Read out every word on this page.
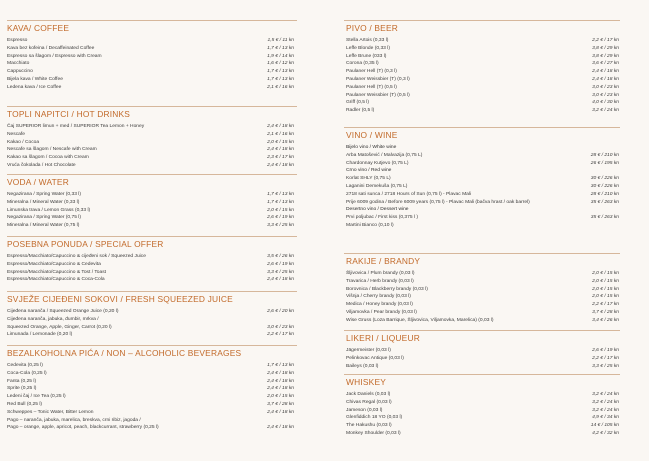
KAVA/ COFFEE
Espresso	1,5 € / 11 kn
Kava bez kofeina / Decaffeinated Coffee	1,7 € / 13 kn
Espresso sa šlagom / Espresso with Cream	1,9 € / 14 kn
Macchiato	1,6 € / 12 kn
Cappuccino	1,7 € / 13 kn
Bijela kava / White Coffee	1,7 € / 13 kn
Ledena kava / Ice Coffee	2,1 € / 16 kn
TOPLI NAPITCI / HOT DRINKS
Čaj SUPERIOR limun + med / SUPERIOR Tea Lemon + Honey	2,4 € / 18 kn
Nescafe	2,1 € / 16 kn
Kakao / Cocoa	2,0 € / 15 kn
Nescafe sa šlagom / Nescafe with Cream	2,4 € / 18 kn
Kakao sa šlagom / Cocoa with Cream	2,3 € / 17 kn
Vruća čokolada / Hot Chocolate	2,4 € / 18 kn
VODA / WATER
Negazirana / Spring Water (0,33 l)	1,7 € / 13 kn
Mineralna / Mineral Water (0,33 l)	1,7 € / 13 kn
Limunska trava / Lemon Grass (0,33 l)	2,0 € / 15 kn
Negazirana / Spring Water (0,75 l)	2,6 € / 19 kn
Mineralna / Mineral Water (0,75 l)	3,3 € / 25 kn
POSEBNA PONUDA / SPECIAL OFFER
Espresso/Macchiato/Capuccino & cijeđeni sok / Squeezed Juice	3,5 € / 26 kn
Espresso/Macchiato/Capuccino & Cedevita	2,6 € / 19 kn
Espresso/Macchiato/Capuccino & Tost / Toast	3,3 € / 25 kn
Espresso/Macchiato/Capuccino & Coca-Cola	2,4 € / 18 kn
SVJEŽE CIJEĐENI SOKOVI / FRESH SQUEEZED JUICE
Cijeđena naranča / Squeezed Orange Juice (0,20 l)	2,6 € / 20 kn
Cijeđena naranča, jabuka, đumbir, mrkva /
Squeezed Orange, Apple, Ginger, Carrot (0,20 l)	3,0 € / 23 kn
Limunada / Lemonade (0,20 l)	2,2 € / 17 kn
BEZALKOHOLNA PIĆA / NON – ALCOHOLIC BEVERAGES
Cedevita (0,25 l)	1,7 € / 13 kn
Coca-Cola (0,25 l)	2,4 € / 18 kn
Fanta (0,25 l)	2,4 € / 18 kn
Sprite (0,25 l)	2,4 € / 18 kn
Ledeni čaj / Ice Tea (0,25 l)	2,0 € / 15 kn
Red Bull (0,25 l)	3,7 € / 28 kn
Schweppes – Tonic Water, Bitter Lemon	2,4 € / 18 kn
Pago – naranča, jabuka, marelica, breskva, crni ribiz, jagoda /
Pago – orange, apple, apricot, peach, blackcurrant, strawberry (0,25 l)	2,4 € / 18 kn
PIVO / BEER
Stella Artois (0,33 l)	2,2 € / 17 kn
Leffe Blonde (0,33 l)	3,8 € / 29 kn
Leffe Brune (033 l)	3,8 € / 29 kn
Corona (0,35 l)	3,6 € / 27 kn
Paulaner Hell (T) (0,3 l)	2,4 € / 18 kn
Paulaner Weissbier (T) (0,3 l)	2,4 € / 18 kn
Paulaner Hell (T) (0,5 l)	3,0 € / 23 kn
Paulaner Weissbier (T) (0,5 l)	3,0 € / 23 kn
Griff (0,5 l)	4,0 € / 30 kn
Radler (0,5 l)	3,2 € / 24 kn
VINO / WINE
Bijelo vino / White wine
Arba Matošević / Malvazija (0,75 L)	28 € / 210 kn
Chardonnay Kutjevo (0,75 L)	26 € / 195 kn
Crno vino / Red wine
Korlat SHLY (0,75 L)	30 € / 226 kn
Laganini Demekuša (0,75 L)	30 € / 226 kn
2718 sati sunca / 2718 Hours of Sun (0,75 l) - Plavac Mali	28 € / 210 kn
Prije 6009 godina / Before 6009 years (0,75 l) - Plavac Mali (bačva hrast / oak barrel)	35 € / 263 kn
Desertno vino / Dessert wine
Prvi poljubac / First kiss (0,375 l )	35 € / 263 kn
Martini Bianco (0,10 l)
RAKIJE / BRANDY
Šljivovica / Plum brandy (0,03 l)	2,0 € / 15 kn
Travarica / Herb brandy (0,03 l)	2,0 € / 15 kn
Borovnica / Blackberry brandy (0,03 l)	2,0 € / 15 kn
Višnja / Cherry brandy (0,03 l)	2,0 € / 15 kn
Medica / Honey brandy (0,03 l)	2,2 € / 17 kn
Viljamovka / Pear brandy (0,03 l)	3,7 € / 28 kn
Wise Gruss (Loza Barrique, Šljivovica, Viljamovka, Marelica) (0,03 l)	3,4 € / 26 kn
LIKERI / LIQUEUR
Jägermeister (0,03 l)	2,6 € / 19 kn
Pelinkovac Antique (0,03 l)	2,2 € / 17 kn
Baileys (0,03 l)	3,3 € / 25 kn
WHISKEY
Jack Daniels (0,03 l)	3,2 € / 24 kn
Chivas Regal (0,03 l)	3,2 € / 24 kn
Jameson (0,03 l)	3,2 € / 24 kn
Glenfiddich 18 YO (0,03 l)	4,9 € / 34 kn
The Hakushu (0,03 l)	14 € / 105 kn
Monkey Shoulder (0,03 l)	4,2 € / 32 kn
